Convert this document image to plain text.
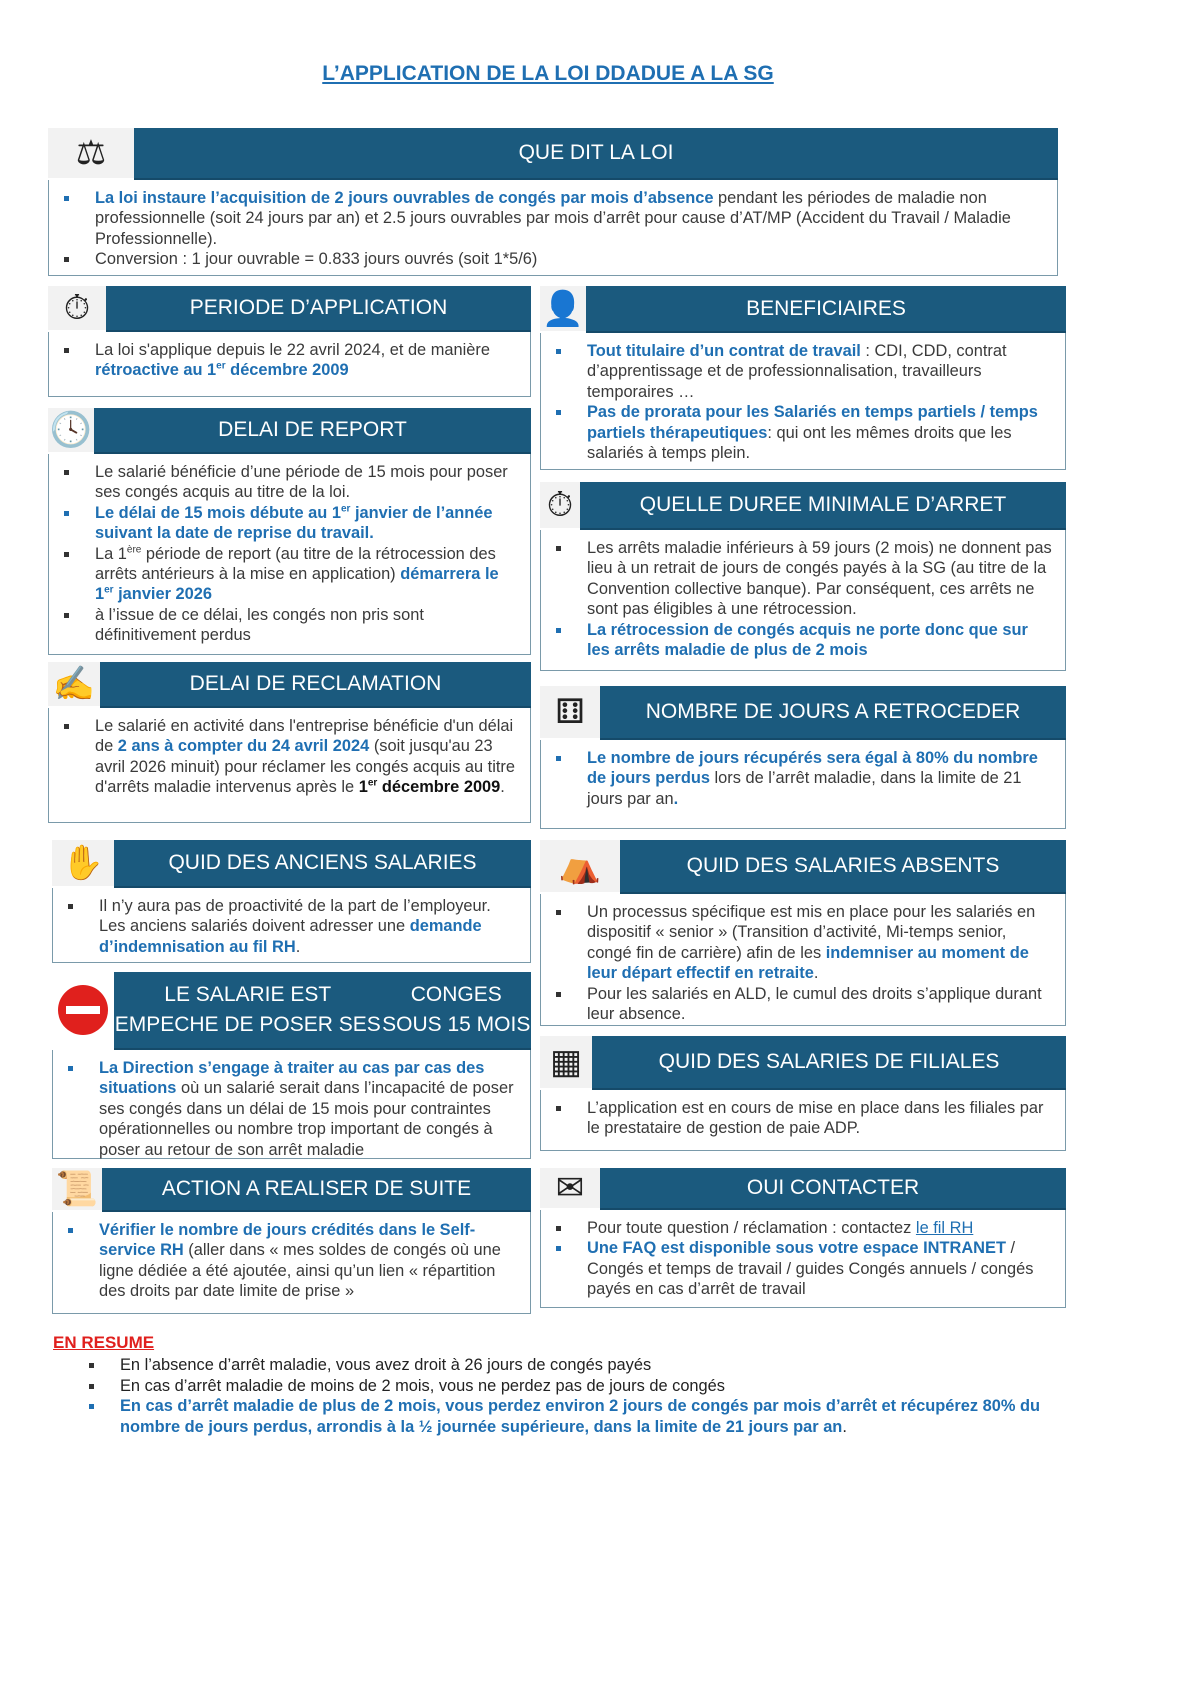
L’APPLICATION DE LA LOI DDADUE A LA SG
QUE DIT LA LOI
⚖
La loi instaure l’acquisition de 2 jours ouvrables de congés par mois d’absence pendant les périodes de maladie non professionnelle (soit 24 jours par an) et 2.5 jours ouvrables par mois d’arrêt pour cause d’AT/MP (Accident du Travail / Maladie Professionnelle).
Conversion : 1 jour ouvrable = 0.833 jours ouvrés (soit 1*5/6)
PERIODE D’APPLICATION
⏱
La loi s'applique depuis le 22 avril 2024, et de manière rétroactive au 1er décembre 2009
DELAI DE REPORT
🕓
Le salarié bénéficie d’une période de 15 mois pour poser ses congés acquis au titre de la loi.
Le délai de 15 mois débute au 1er janvier de l’année suivant la date de reprise du travail.
La 1ère période de report (au titre de la rétrocession des arrêts antérieurs à la mise en application) démarrera le 1er janvier 2026
à l’issue de ce délai, les congés non pris sont définitivement perdus
DELAI DE RECLAMATION
✍
Le salarié en activité dans l'entreprise bénéficie d'un délai de 2 ans à compter du 24 avril 2024 (soit jusqu'au 23 avril 2026 minuit) pour réclamer les congés acquis au titre d'arrêts maladie intervenus après le 1er décembre 2009.
QUID DES ANCIENS SALARIES
✋
Il n’y aura pas de proactivité de la part de l’employeur. Les anciens salariés doivent adresser une demande d’indemnisation au fil RH.
LE SALARIE EST EMPECHE DE POSER SES
CONGES SOUS 15 MOIS
La Direction s’engage à traiter au cas par cas des situations où un salarié serait dans l’incapacité de poser ses congés dans un délai de 15 mois pour contraintes opérationnelles ou nombre trop important de congés à poser au retour de son arrêt maladie
ACTION A REALISER DE SUITE
📜
Vérifier le nombre de jours crédités dans le Self-service RH (aller dans « mes soldes de congés où une ligne dédiée a été ajoutée, ainsi qu’un lien « répartition des droits par date limite de prise »
BENEFICIAIRES
👤
Tout titulaire d’un contrat de travail : CDI, CDD, contrat d’apprentissage et de professionnalisation, travailleurs temporaires …
Pas de prorata pour les Salariés en temps partiels / temps partiels thérapeutiques: qui ont les mêmes droits que les salariés à temps plein.
QUELLE DUREE MINIMALE D’ARRET
⏱
Les arrêts maladie inférieurs à 59 jours (2 mois) ne donnent pas lieu à un retrait de jours de congés payés à la SG (au titre de la Convention collective banque). Par conséquent, ces arrêts ne sont pas éligibles à une rétrocession.
La rétrocession de congés acquis ne porte donc que sur les arrêts maladie de plus de 2 mois
NOMBRE DE JOURS A RETROCEDER
⚅
Le nombre de jours récupérés sera égal à 80% du nombre de jours perdus lors de l’arrêt maladie, dans la limite de 21 jours par an.
QUID DES SALARIES ABSENTS
⛺
Un processus spécifique est mis en place pour les salariés en dispositif « senior » (Transition d’activité, Mi-temps senior, congé fin de carrière) afin de les indemniser au moment de leur départ effectif en retraite.
Pour les salariés en ALD, le cumul des droits s’applique durant leur absence.
QUID DES SALARIES DE FILIALES
▦
L’application est en cours de mise en place dans les filiales par le prestataire de gestion de paie ADP.
OUI CONTACTER
✉
Pour toute question / réclamation : contactez le fil RH
Une FAQ est disponible sous votre espace INTRANET / Congés et temps de travail / guides Congés annuels / congés payés en cas d’arrêt de travail
EN RESUME
En l’absence d’arrêt maladie, vous avez droit à 26 jours de congés payés
En cas d’arrêt maladie de moins de 2 mois, vous ne perdez pas de jours de congés
En cas d’arrêt maladie de plus de 2 mois, vous perdez environ 2 jours de congés par mois d’arrêt et récupérez 80% du nombre de jours perdus, arrondis à la ½ journée supérieure, dans la limite de 21 jours par an.
